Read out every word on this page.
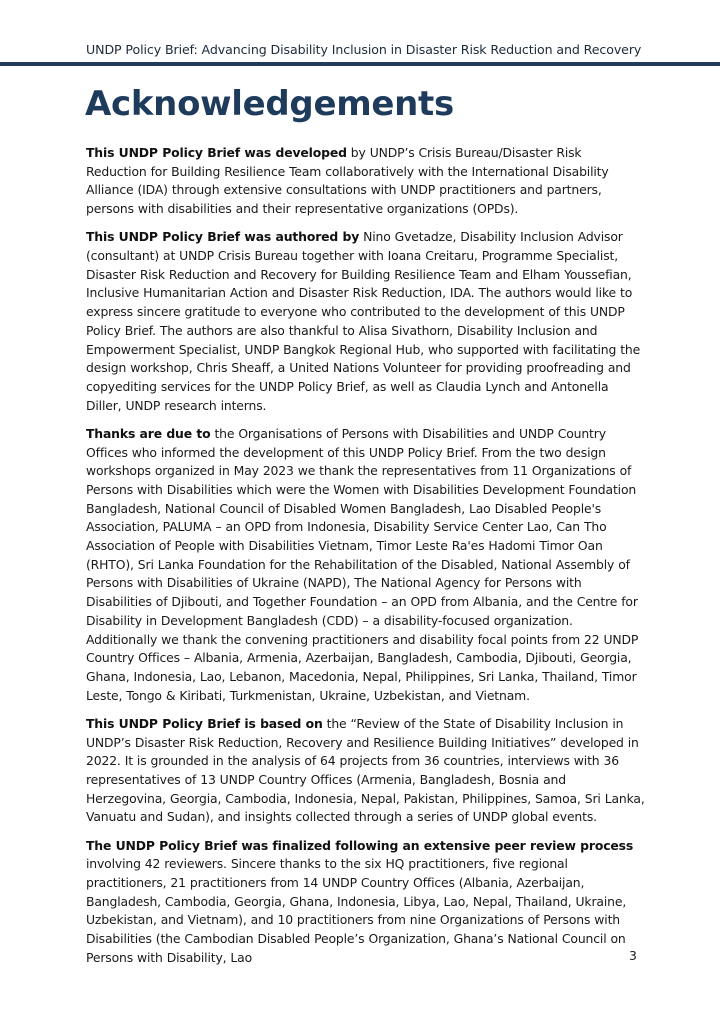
UNDP Policy Brief: Advancing Disability Inclusion in Disaster Risk Reduction and Recovery
Acknowledgements

This UNDP Policy Brief was developed by UNDP’s Crisis Bureau/Disaster Risk Reduction for Building Resilience Team collaboratively with the International Disability Alliance (IDA) through extensive consultations with UNDP practitioners and partners, persons with disabilities and their representative organizations (OPDs).

This UNDP Policy Brief was authored by Nino Gvetadze, Disability Inclusion Advisor (consultant) at UNDP Crisis Bureau together with Ioana Creitaru, Programme Specialist, Disaster Risk Reduction and Recovery for Building Resilience Team and Elham Youssefian, Inclusive Humanitarian Action and Disaster Risk Reduction, IDA. The authors would like to express sincere gratitude to everyone who contributed to the development of this UNDP Policy Brief. The authors are also thankful to Alisa Sivathorn, Disability Inclusion and Empowerment Specialist, UNDP Bangkok Regional Hub, who supported with facilitating the design workshop, Chris Sheaff, a United Nations Volunteer for providing proofreading and copyediting services for the UNDP Policy Brief, as well as Claudia Lynch and Antonella Diller, UNDP research interns.

Thanks are due to the Organisations of Persons with Disabilities and UNDP Country Offices who informed the development of this UNDP Policy Brief. From the two design workshops organized in May 2023 we thank the representatives from 11 Organizations of Persons with Disabilities which were the Women with Disabilities Development Foundation Bangladesh, National Council of Disabled Women Bangladesh, Lao Disabled People's Association, PALUMA – an OPD from Indonesia, Disability Service Center Lao, Can Tho Association of People with Disabilities Vietnam, Timor Leste Ra'es Hadomi Timor Oan (RHTO), Sri Lanka Foundation for the Rehabilitation of the Disabled, National Assembly of Persons with Disabilities of Ukraine (NAPD), The National Agency for Persons with Disabilities of Djibouti, and Together Foundation – an OPD from Albania, and the Centre for Disability in Development Bangladesh (CDD) – a disability-focused organization. Additionally we thank the convening practitioners and disability focal points from 22 UNDP Country Offices – Albania, Armenia, Azerbaijan, Bangladesh, Cambodia, Djibouti, Georgia, Ghana, Indonesia, Lao, Lebanon, Macedonia, Nepal, Philippines, Sri Lanka, Thailand, Timor Leste, Tongo & Kiribati, Turkmenistan, Ukraine, Uzbekistan, and Vietnam.

This UNDP Policy Brief is based on the “Review of the State of Disability Inclusion in UNDP’s Disaster Risk Reduction, Recovery and Resilience Building Initiatives” developed in 2022. It is grounded in the analysis of 64 projects from 36 countries, interviews with 36 representatives of 13 UNDP Country Offices (Armenia, Bangladesh, Bosnia and Herzegovina, Georgia, Cambodia, Indonesia, Nepal, Pakistan, Philippines, Samoa, Sri Lanka, Vanuatu and Sudan), and insights collected through a series of UNDP global events.

The UNDP Policy Brief was finalized following an extensive peer review process involving 42 reviewers. Sincere thanks to the six HQ practitioners, five regional practitioners, 21 practitioners from 14 UNDP Country Offices (Albania, Azerbaijan, Bangladesh, Cambodia, Georgia, Ghana, Indonesia, Libya, Lao, Nepal, Thailand, Ukraine, Uzbekistan, and Vietnam), and 10 practitioners from nine Organizations of Persons with Disabilities (the Cambodian Disabled People’s Organization, Ghana’s National Council on Persons with Disability, Lao	3
